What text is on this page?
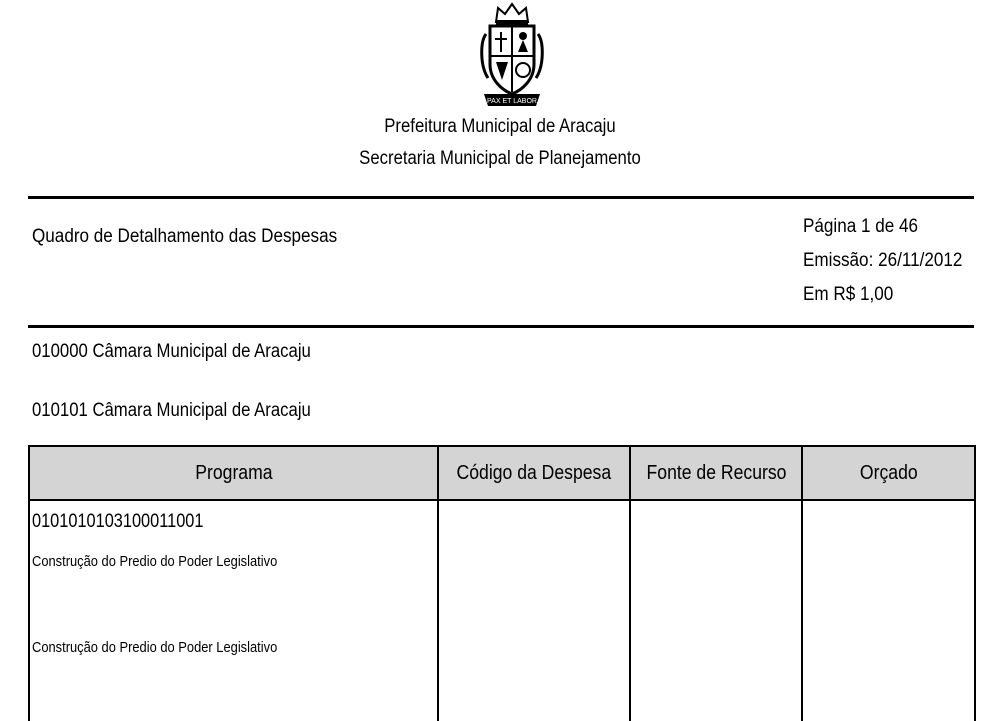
PAX ET LABOR
Prefeitura Municipal de Aracaju
Secretaria Municipal de Planejamento
Quadro de Detalhamento das Despesas	Página 1 de 46
Emissão: 26/11/2012
Em R$ 1,00
010000 Câmara Municipal de Aracaju
010101 Câmara Municipal de Aracaju
Programa	Código da Despesa	Fonte de Recurso	Orçado

0101010103100011001
Construção do Predio do Poder Legislativo
Construção do Predio do Poder Legislativo			
